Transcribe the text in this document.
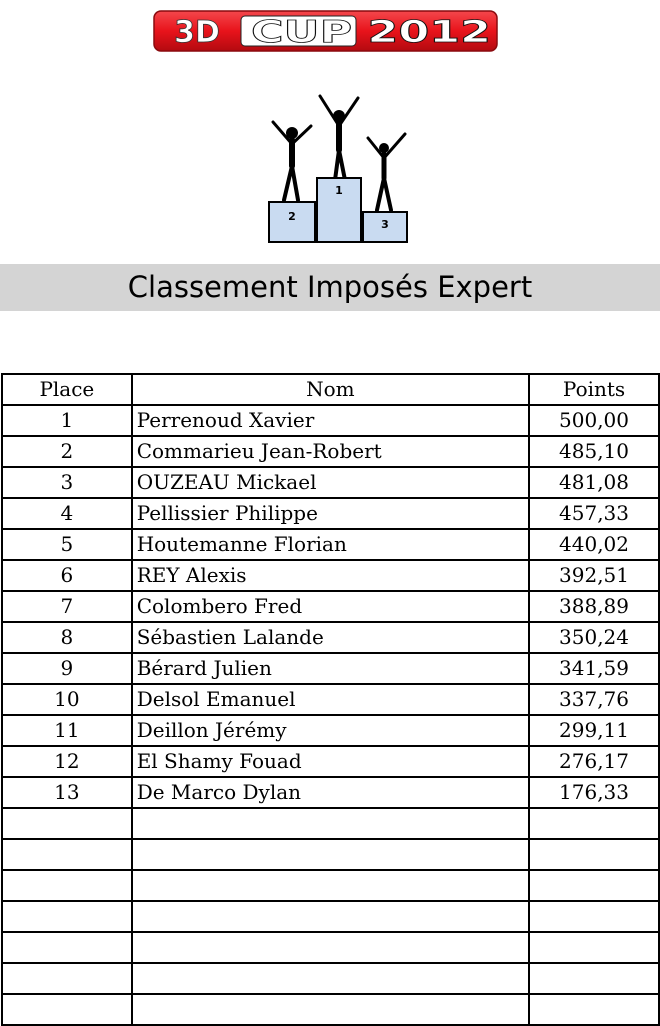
3D CUP 2012
2
1
3
Classement Imposés Expert
Place	Nom	Points
1	Perrenoud Xavier	500,00
2	Commarieu Jean-Robert	485,10
3	OUZEAU Mickael	481,08
4	Pellissier Philippe	457,33
5	Houtemanne Florian	440,02
6	REY Alexis	392,51
7	Colombero Fred	388,89
8	Sébastien Lalande	350,24
9	Bérard Julien	341,59
10	Delsol Emanuel	337,76
11	Deillon Jérémy	299,11
12	El Shamy Fouad	276,17
13	De Marco Dylan	176,33
